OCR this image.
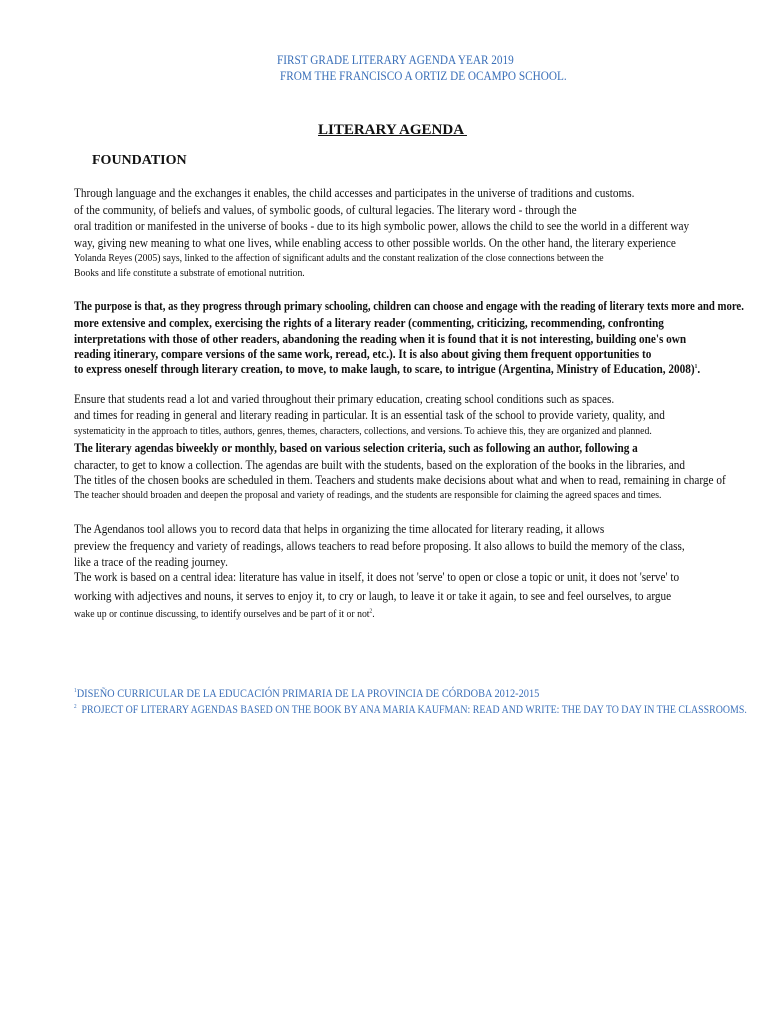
FIRST GRADE LITERARY AGENDA YEAR 2019
FROM THE FRANCISCO A ORTIZ DE OCAMPO SCHOOL.
LITERARY AGENDA
FOUNDATION
Through language and the exchanges it enables, the child accesses and participates in the universe of traditions and customs.
of the community, of beliefs and values, of symbolic goods, of cultural legacies. The literary word - through the
oral tradition or manifested in the universe of books - due to its high symbolic power, allows the child to see the world in a different way
way, giving new meaning to what one lives, while enabling access to other possible worlds. On the other hand, the literary experience
Yolanda Reyes (2005) says, linked to the affection of significant adults and the constant realization of the close connections between the
Books and life constitute a substrate of emotional nutrition.
The purpose is that, as they progress through primary schooling, children can choose and engage with the reading of literary texts more and more.
more extensive and complex, exercising the rights of a literary reader (commenting, criticizing, recommending, confronting
interpretations with those of other readers, abandoning the reading when it is found that it is not interesting, building one's own
reading itinerary, compare versions of the same work, reread, etc.). It is also about giving them frequent opportunities to
to express oneself through literary creation, to move, to make laugh, to scare, to intrigue (Argentina, Ministry of Education, 2008)$^1$.
Ensure that students read a lot and varied throughout their primary education, creating school conditions such as spaces.
and times for reading in general and literary reading in particular. It is an essential task of the school to provide variety, quality, and
systematicity in the approach to titles, authors, genres, themes, characters, collections, and versions. To achieve this, they are organized and planned.
The literary agendas biweekly or monthly, based on various selection criteria, such as following an author, following a
character, to get to know a collection. The agendas are built with the students, based on the exploration of the books in the libraries, and
The titles of the chosen books are scheduled in them. Teachers and students make decisions about what and when to read, remaining in charge of
The teacher should broaden and deepen the proposal and variety of readings, and the students are responsible for claiming the agreed spaces and times.
The Agendanos tool allows you to record data that helps in organizing the time allocated for literary reading, it allows
preview the frequency and variety of readings, allows teachers to read before proposing. It also allows to build the memory of the class,
like a trace of the reading journey.
The work is based on a central idea: literature has value in itself, it does not 'serve' to open or close a topic or unit, it does not 'serve' to
working with adjectives and nouns, it serves to enjoy it, to cry or laugh, to leave it or take it again, to see and feel ourselves, to argue
wake up or continue discussing, to identify ourselves and be part of it or not$^2$.
$^1$DISEÑO CURRICULAR DE LA EDUCACIÓN PRIMARIA DE LA PROVINCIA DE CÓRDOBA 2012-2015
$^2$  PROJECT OF LITERARY AGENDAS BASED ON THE BOOK BY ANA MARIA KAUFMAN: READ AND WRITE: THE DAY TO DAY IN THE CLASSROOMS.
